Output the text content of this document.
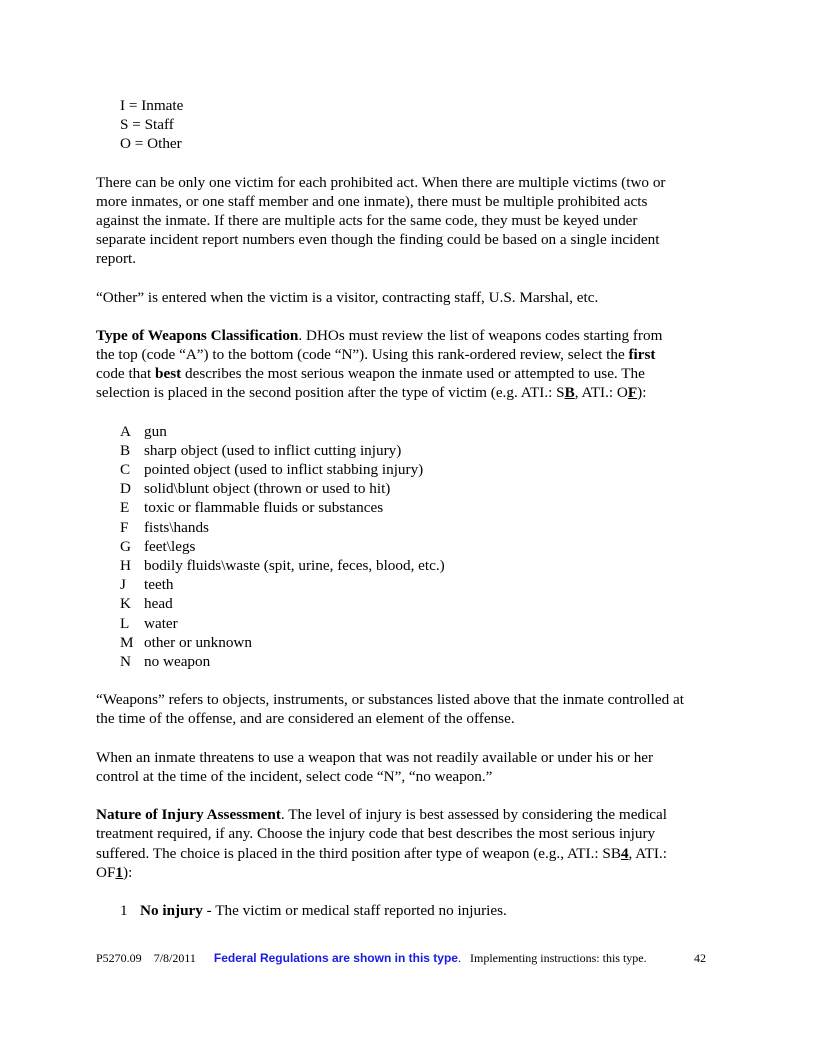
I = Inmate
S = Staff
O = Other
There can be only one victim for each prohibited act. When there are multiple victims (two or
more inmates, or one staff member and one inmate), there must be multiple prohibited acts
against the inmate. If there are multiple acts for the same code, they must be keyed under
separate incident report numbers even though the finding could be based on a single incident
report.
“Other” is entered when the victim is a visitor, contracting staff, U.S. Marshal, etc.
Type of Weapons Classification. DHOs must review the list of weapons codes starting from
the top (code “A”) to the bottom (code “N”). Using this rank-ordered review, select the first
code that best describes the most serious weapon the inmate used or attempted to use. The
selection is placed in the second position after the type of victim (e.g. ATI.: SB, ATI.: OF):
A gun
B sharp object (used to inflict cutting injury)
C pointed object (used to inflict stabbing injury)
D solid\blunt object (thrown or used to hit)
E toxic or flammable fluids or substances
F fists\hands
G feet\legs
H bodily fluids\waste (spit, urine, feces, blood, etc.)
J teeth
K head
L water
M other or unknown
N no weapon
“Weapons” refers to objects, instruments, or substances listed above that the inmate controlled at
the time of the offense, and are considered an element of the offense.
When an inmate threatens to use a weapon that was not readily available or under his or her
control at the time of the incident, select code “N”, “no weapon.”
Nature of Injury Assessment. The level of injury is best assessed by considering the medical
treatment required, if any. Choose the injury code that best describes the most serious injury
suffered. The choice is placed in the third position after type of weapon (e.g., ATI.: SB4, ATI.:
OF1):
1 No injury - The victim or medical staff reported no injuries.
P5270.09 7/8/2011 Federal Regulations are shown in this type. Implementing instructions: this type.	42
